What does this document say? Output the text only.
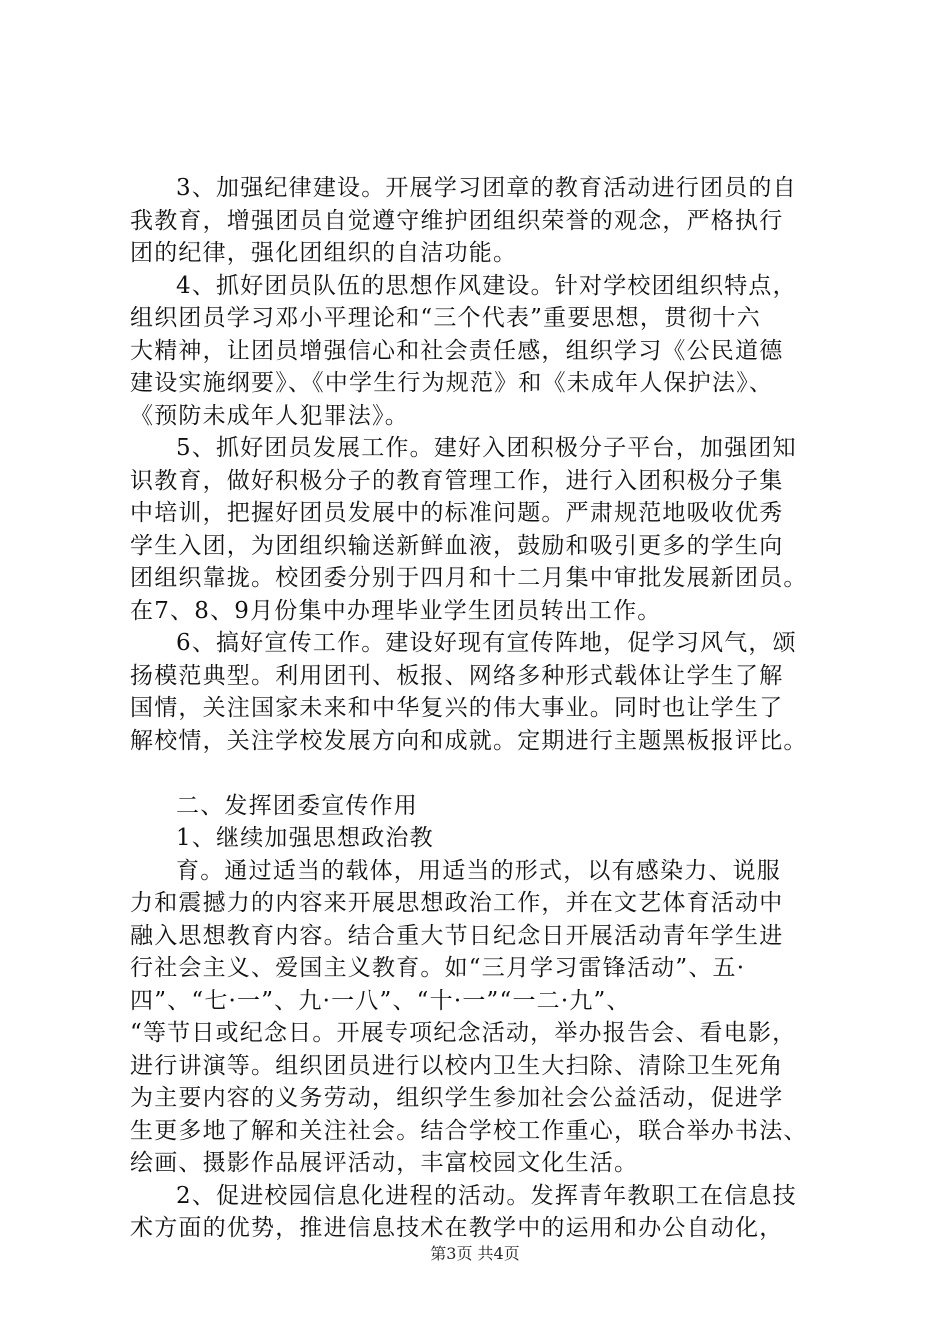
3、加强纪律建设。开展学习团章的教育活动进行团员的自
我教育，增强团员自觉遵守维护团组织荣誉的观念，严格执行
团的纪律，强化团组织的自洁功能。
4、抓好团员队伍的思想作风建设。针对学校团组织特点，
组织团员学习邓小平理论和“三个代表”重要思想，贯彻十六
大精神，让团员增强信心和社会责任感，组织学习《公民道德
建设实施纲要》、《中学生行为规范》和《未成年人保护法》、
《预防未成年人犯罪法》。
5、抓好团员发展工作。建好入团积极分子平台，加强团知
识教育，做好积极分子的教育管理工作，进行入团积极分子集
中培训，把握好团员发展中的标准问题。严肃规范地吸收优秀
学生入团，为团组织输送新鲜血液，鼓励和吸引更多的学生向
团组织靠拢。校团委分别于四月和十二月集中审批发展新团员。
在7、8、9月份集中办理毕业学生团员转出工作。
6、搞好宣传工作。建设好现有宣传阵地，促学习风气，颂
扬模范典型。利用团刊、板报、网络多种形式载体让学生了解
国情，关注国家未来和中华复兴的伟大事业。同时也让学生了
解校情，关注学校发展方向和成就。定期进行主题黑板报评比。
二、发挥团委宣传作用
1、继续加强思想政治教
育。通过适当的载体，用适当的形式，以有感染力、说服
力和震撼力的内容来开展思想政治工作，并在文艺体育活动中
融入思想教育内容。结合重大节日纪念日开展活动青年学生进
行社会主义、爱国主义教育。如“三月学习雷锋活动”、五·
四”、“七·一”、九·一八”、“十·一”“一二·九”、
“等节日或纪念日。开展专项纪念活动，举办报告会、看电影，
进行讲演等。组织团员进行以校内卫生大扫除、清除卫生死角
为主要内容的义务劳动，组织学生参加社会公益活动，促进学
生更多地了解和关注社会。结合学校工作重心，联合举办书法、
绘画、摄影作品展评活动，丰富校园文化生活。
2、促进校园信息化进程的活动。发挥青年教职工在信息技
术方面的优势，推进信息技术在教学中的运用和办公自动化，
第3页 共4页
